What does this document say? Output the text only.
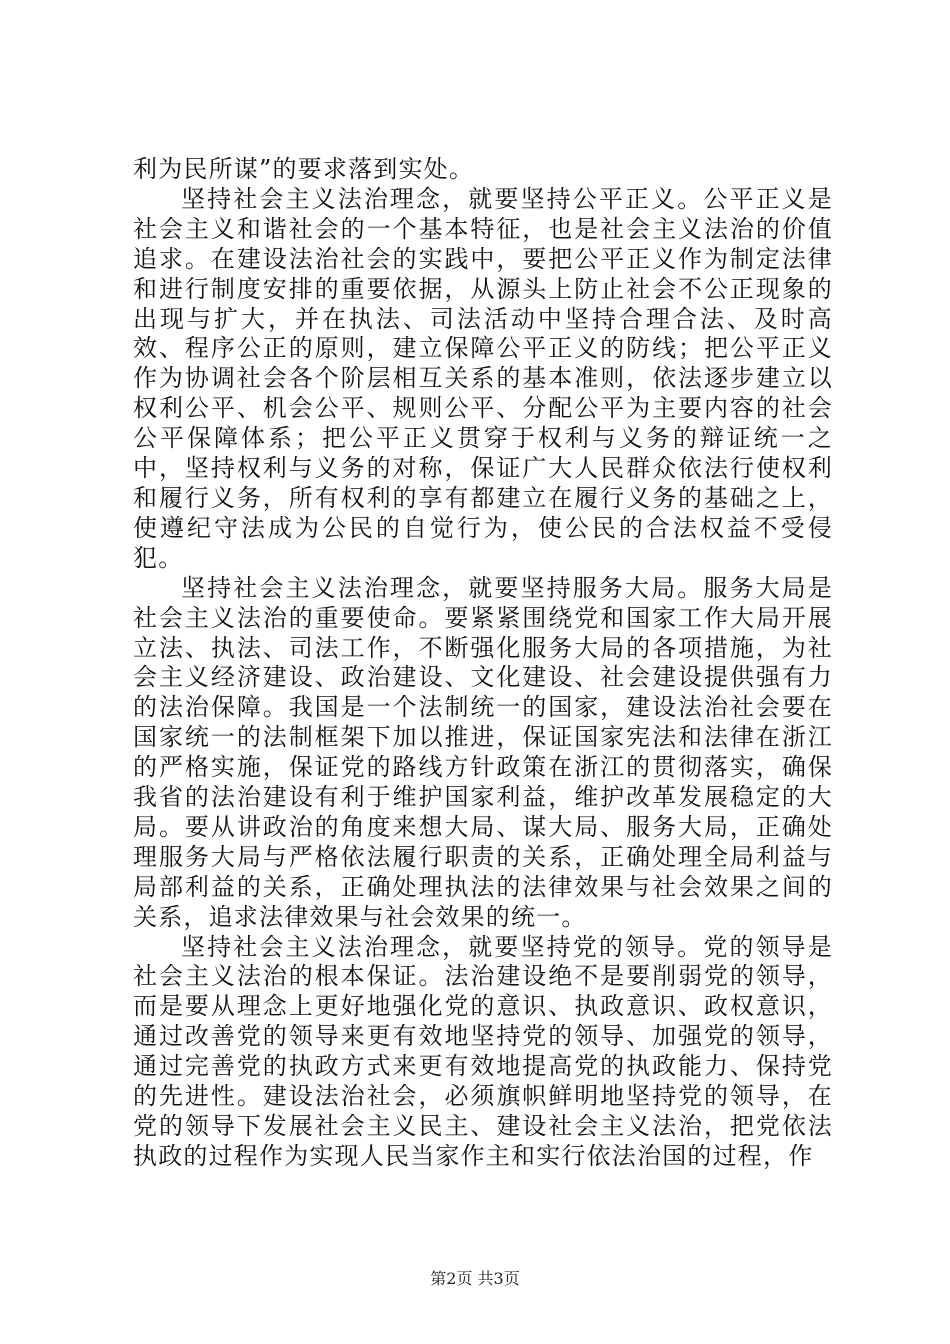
利为民所谋”的要求落到实处。

坚持社会主义法治理念，就要坚持公平正义。公平正义是社会主义和谐社会的一个基本特征，也是社会主义法治的价值追求。在建设法治社会的实践中，要把公平正义作为制定法律和进行制度安排的重要依据，从源头上防止社会不公正现象的出现与扩大，并在执法、司法活动中坚持合理合法、及时高效、程序公正的原则，建立保障公平正义的防线；把公平正义作为协调社会各个阶层相互关系的基本准则，依法逐步建立以权利公平、机会公平、规则公平、分配公平为主要内容的社会公平保障体系；把公平正义贯穿于权利与义务的辩证统一之中，坚持权利与义务的对称，保证广大人民群众依法行使权利和履行义务，所有权利的享有都建立在履行义务的基础之上，使遵纪守法成为公民的自觉行为，使公民的合法权益不受侵犯。

坚持社会主义法治理念，就要坚持服务大局。服务大局是社会主义法治的重要使命。要紧紧围绕党和国家工作大局开展立法、执法、司法工作，不断强化服务大局的各项措施，为社会主义经济建设、政治建设、文化建设、社会建设提供强有力的法治保障。我国是一个法制统一的国家，建设法治社会要在国家统一的法制框架下加以推进，保证国家宪法和法律在浙江的严格实施，保证党的路线方针政策在浙江的贯彻落实，确保我省的法治建设有利于维护国家利益，维护改革发展稳定的大局。要从讲政治的角度来想大局、谋大局、服务大局，正确处理服务大局与严格依法履行职责的关系，正确处理全局利益与局部利益的关系，正确处理执法的法律效果与社会效果之间的关系，追求法律效果与社会效果的统一。

坚持社会主义法治理念，就要坚持党的领导。党的领导是社会主义法治的根本保证。法治建设绝不是要削弱党的领导，而是要从理念上更好地强化党的意识、执政意识、政权意识，通过改善党的领导来更有效地坚持党的领导、加强党的领导，通过完善党的执政方式来更有效地提高党的执政能力、保持党的先进性。建设法治社会，必须旗帜鲜明地坚持党的领导，在党的领导下发展社会主义民主、建设社会主义法治，把党依法执政的过程作为实现人民当家作主和实行依法治国的过程，作

第2页 共3页
